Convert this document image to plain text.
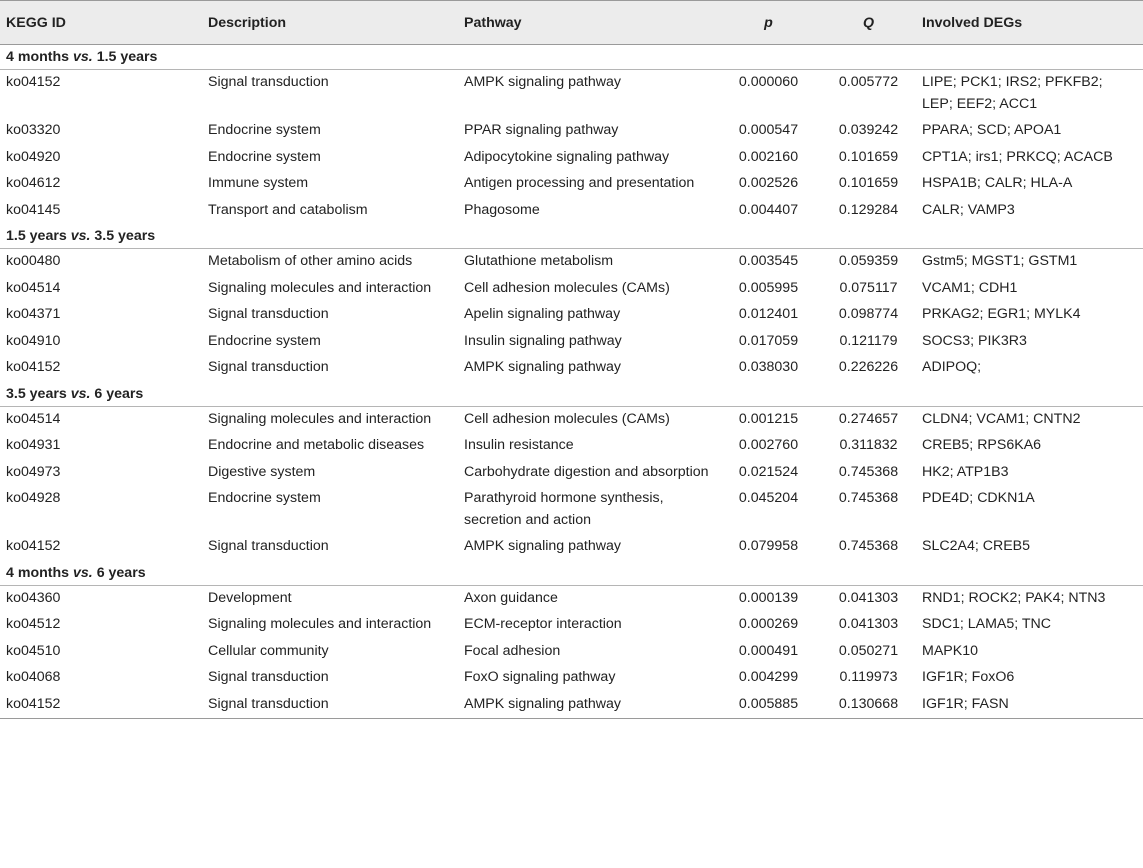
KEGG ID	Description	Pathway	p	Q	Involved DEGs
4 months vs. 1.5 years					
ko04152	Signal transduction	AMPK signaling pathway	0.000060	0.005772	LIPE; PCK1; IRS2; PFKFB2; LEP; EEF2; ACC1
ko03320	Endocrine system	PPAR signaling pathway	0.000547	0.039242	PPARA; SCD; APOA1
ko04920	Endocrine system	Adipocytokine signaling pathway	0.002160	0.101659	CPT1A; irs1; PRKCQ; ACACB
ko04612	Immune system	Antigen processing and presentation	0.002526	0.101659	HSPA1B; CALR; HLA-A
ko04145	Transport and catabolism	Phagosome	0.004407	0.129284	CALR; VAMP3
1.5 years vs. 3.5 years					
ko00480	Metabolism of other amino acids	Glutathione metabolism	0.003545	0.059359	Gstm5; MGST1; GSTM1
ko04514	Signaling molecules and interaction	Cell adhesion molecules (CAMs)	0.005995	0.075117	VCAM1; CDH1
ko04371	Signal transduction	Apelin signaling pathway	0.012401	0.098774	PRKAG2; EGR1; MYLK4
ko04910	Endocrine system	Insulin signaling pathway	0.017059	0.121179	SOCS3; PIK3R3
ko04152	Signal transduction	AMPK signaling pathway	0.038030	0.226226	ADIPOQ;
3.5 years vs. 6 years					
ko04514	Signaling molecules and interaction	Cell adhesion molecules (CAMs)	0.001215	0.274657	CLDN4; VCAM1; CNTN2
ko04931	Endocrine and metabolic diseases	Insulin resistance	0.002760	0.311832	CREB5; RPS6KA6
ko04973	Digestive system	Carbohydrate digestion and absorption	0.021524	0.745368	HK2; ATP1B3
ko04928	Endocrine system	Parathyroid hormone synthesis, secretion and action	0.045204	0.745368	PDE4D; CDKN1A
ko04152	Signal transduction	AMPK signaling pathway	0.079958	0.745368	SLC2A4; CREB5
4 months vs. 6 years					
ko04360	Development	Axon guidance	0.000139	0.041303	RND1; ROCK2; PAK4; NTN3
ko04512	Signaling molecules and interaction	ECM-receptor interaction	0.000269	0.041303	SDC1; LAMA5; TNC
ko04510	Cellular community	Focal adhesion	0.000491	0.050271	MAPK10
ko04068	Signal transduction	FoxO signaling pathway	0.004299	0.119973	IGF1R; FoxO6
ko04152	Signal transduction	AMPK signaling pathway	0.005885	0.130668	IGF1R; FASN
